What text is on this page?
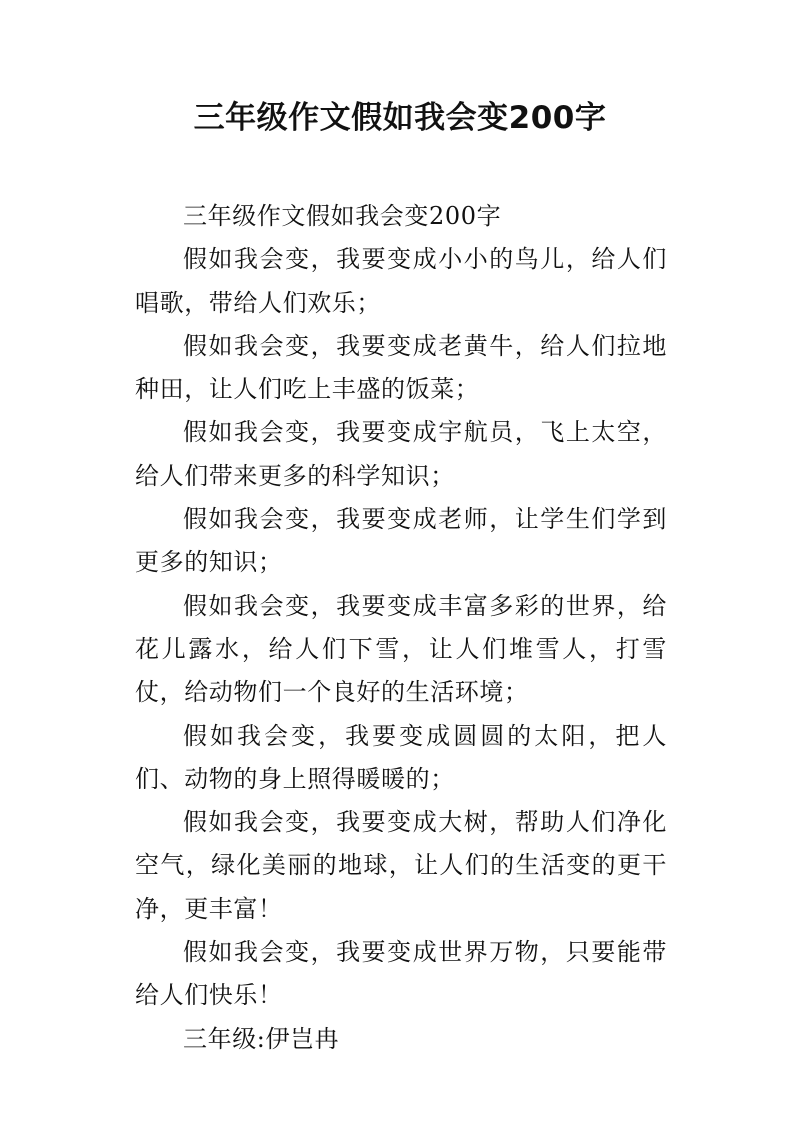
三年级作文假如我会变200字

三年级作文假如我会变200字

假如我会变，我要变成小小的鸟儿，给人们唱歌，带给人们欢乐；

假如我会变，我要变成老黄牛，给人们拉地种田，让人们吃上丰盛的饭菜；

假如我会变，我要变成宇航员，飞上太空，给人们带来更多的科学知识；

假如我会变，我要变成老师，让学生们学到更多的知识；

假如我会变，我要变成丰富多彩的世界，给花儿露水，给人们下雪，让人们堆雪人，打雪仗，给动物们一个良好的生活环境；

假如我会变，我要变成圆圆的太阳，把人们、动物的身上照得暖暖的；

假如我会变，我要变成大树，帮助人们净化空气，绿化美丽的地球，让人们的生活变的更干净，更丰富！

假如我会变，我要变成世界万物，只要能带给人们快乐！

三年级:伊岂冉
